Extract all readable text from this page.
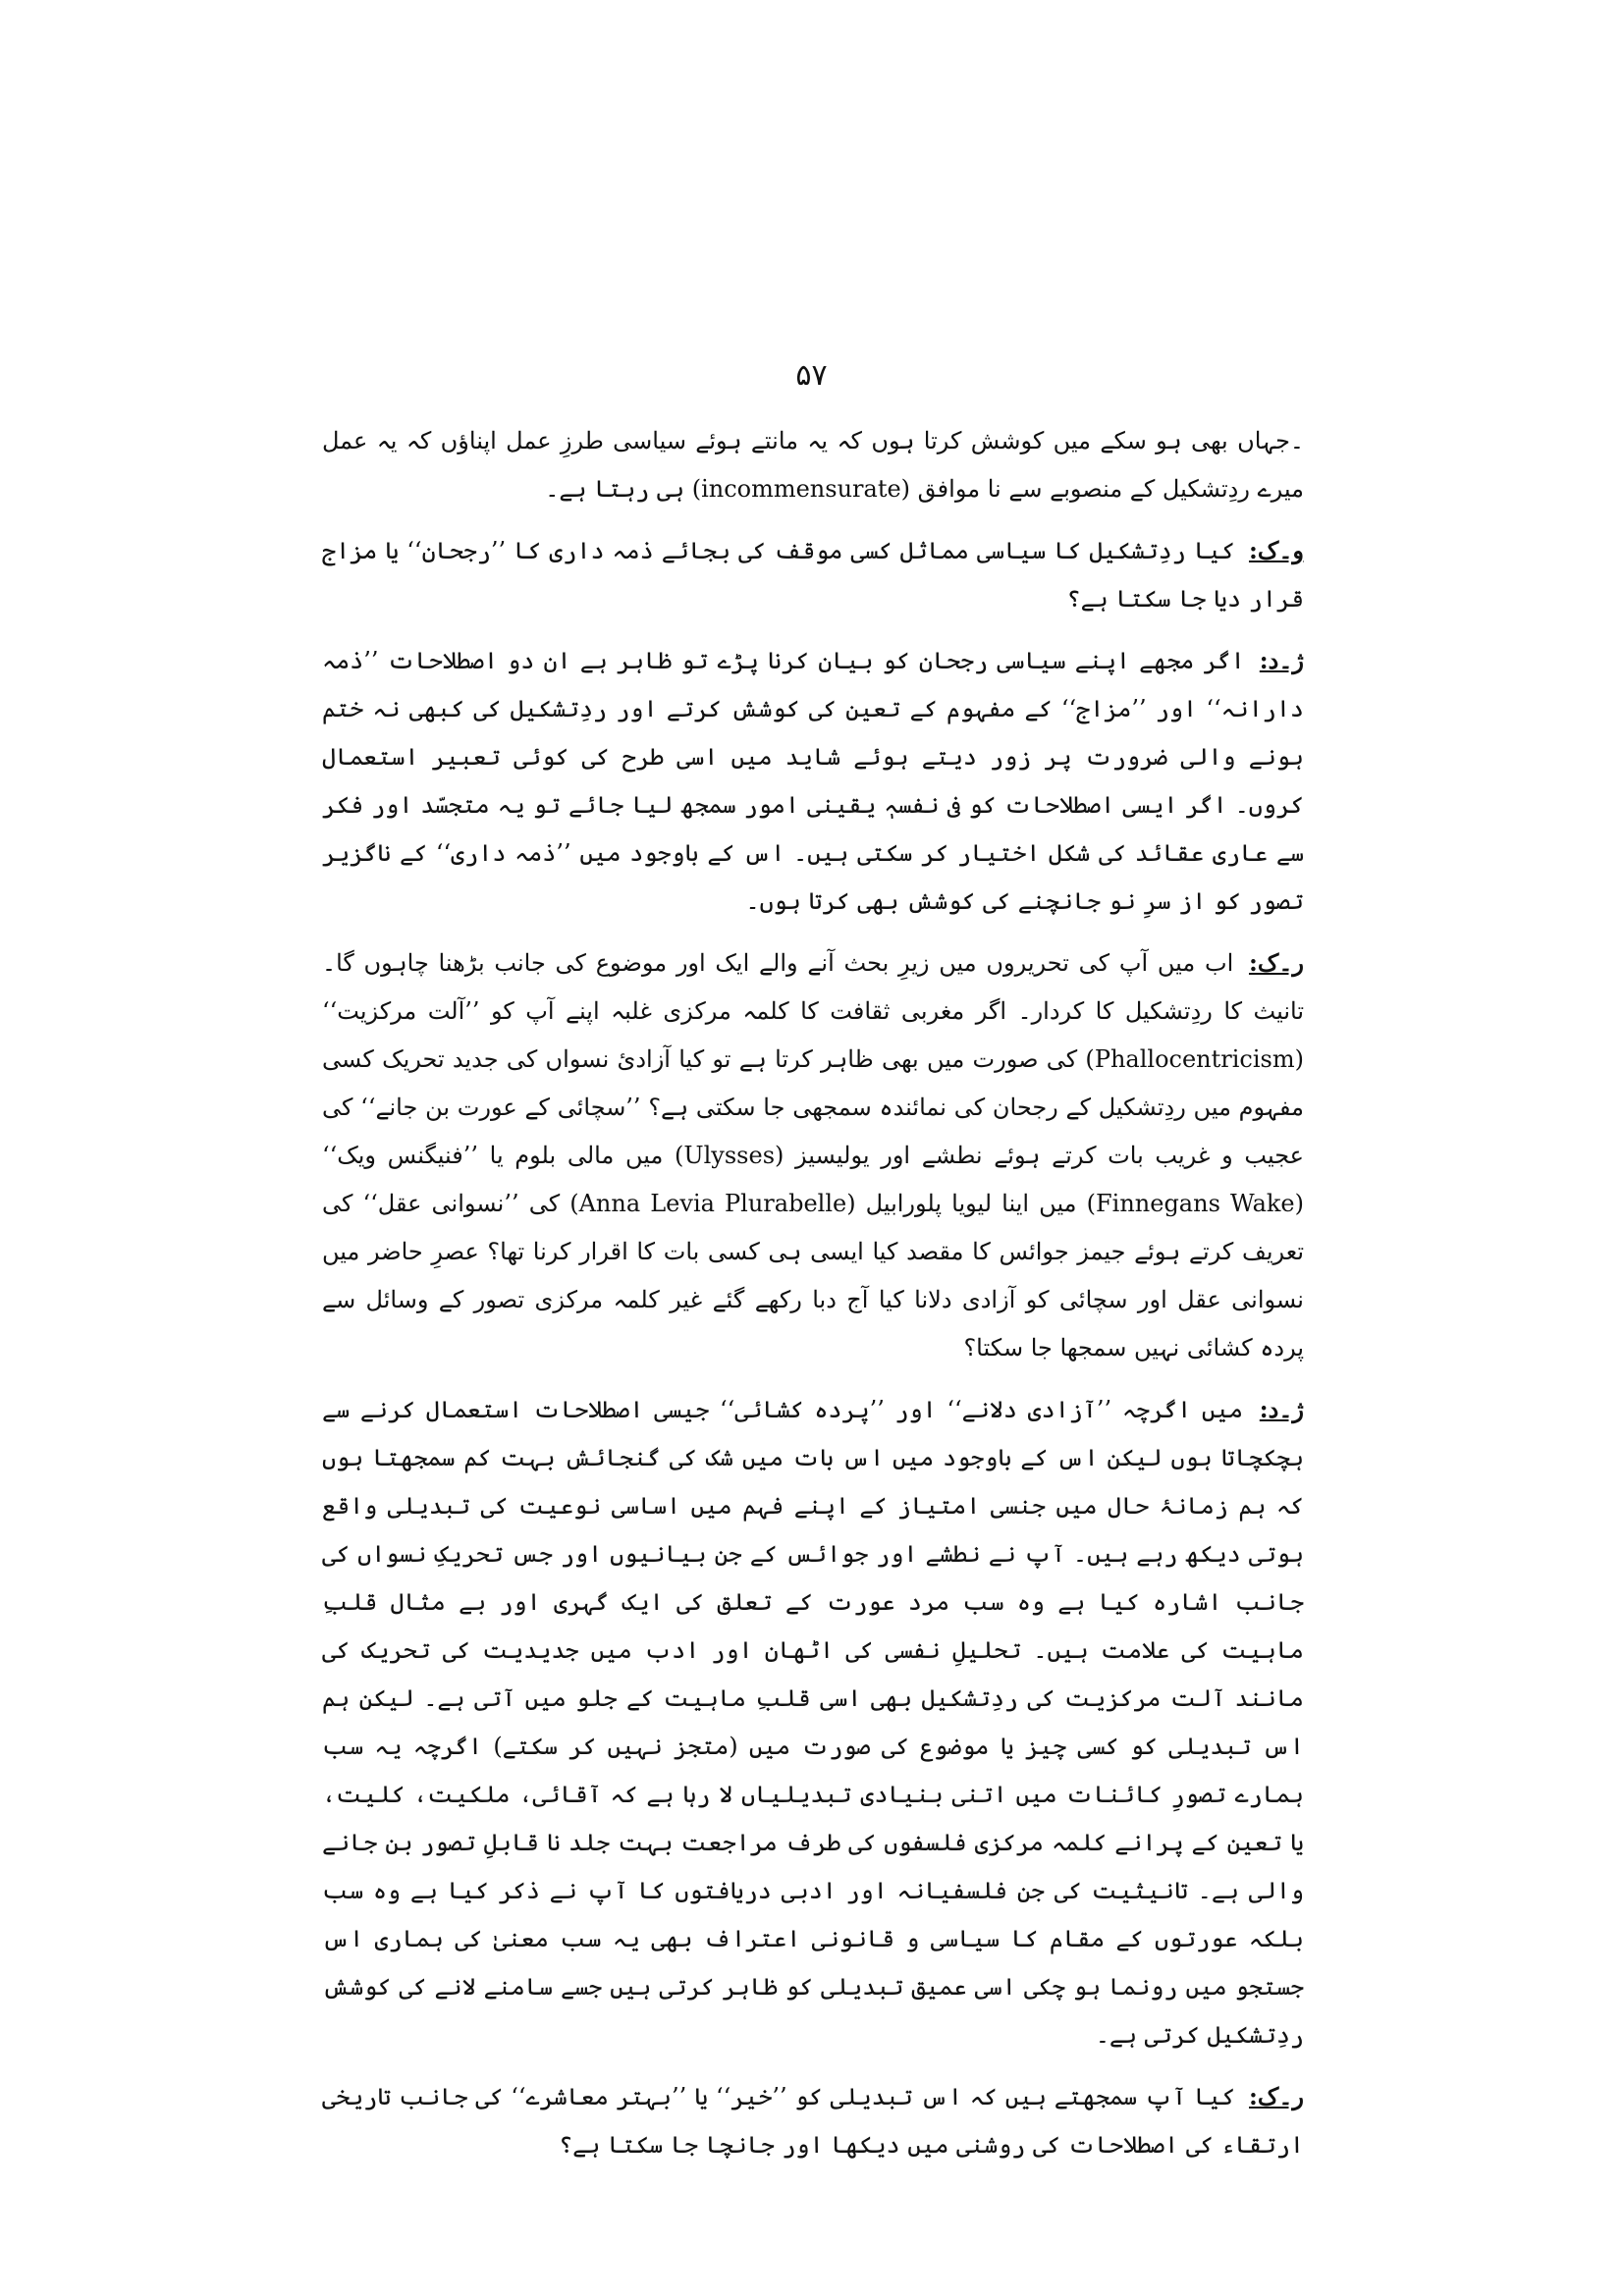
۵۷

۔جہاں بھی ہو سکے میں کوشش کرتا ہوں کہ یہ مانتے ہوئے سیاسی طرزِ عمل اپناؤں کہ یہ عمل میرے ردِتشکیل کے منصوبے سے نا موافق (incommensurate) ہی رہتا ہے۔

و۔ک: کیا ردِتشکیل کا سیاسی مماثل کسی موقف کی بجائے ذمہ داری کا ’’رجحان‘‘ یا مزاج قرار دیا جا سکتا ہے؟

ژ۔د: اگر مجھے اپنے سیاسی رجحان کو بیان کرنا پڑے تو ظاہر ہے ان دو اصطلاحات ’’ذمہ دارانہ‘‘ اور ’’مزاج‘‘ کے مفہوم کے تعین کی کوشش کرتے اور ردِتشکیل کی کبھی نہ ختم ہونے والی ضرورت پر زور دیتے ہوئے شاید میں اسی طرح کی کوئی تعبیر استعمال کروں۔ اگر ایسی اصطلاحات کو فی نفسہٖ یقینی امور سمجھ لیا جائے تو یہ متجسّد اور فکر سے عاری عقائد کی شکل اختیار کر سکتی ہیں۔ اس کے باوجود میں ’’ذمہ داری‘‘ کے ناگزیر تصور کو از سرِ نو جانچنے کی کوشش بھی کرتا ہوں۔

ر۔ک: اب میں آپ کی تحریروں میں زیرِ بحث آنے والے ایک اور موضوع کی جانب بڑھنا چاہوں گا۔ تانیث کا ردِتشکیل کا کردار۔ اگر مغربی ثقافت کا کلمہ مرکزی غلبہ اپنے آپ کو ’’آلت مرکزیت‘‘ (Phallocentricism) کی صورت میں بھی ظاہر کرتا ہے تو کیا آزادیٔ نسواں کی جدید تحریک کسی مفہوم میں ردِتشکیل کے رجحان کی نمائندہ سمجھی جا سکتی ہے؟ ’’سچائی کے عورت بن جانے‘‘ کی عجیب و غریب بات کرتے ہوئے نطشے اور یولیسیز (Ulysses) میں مالی بلوم یا ’’فنیگنس ویک‘‘ (Finnegans Wake) میں اینا لیویا پلورابیل (Anna Levia Plurabelle) کی ’’نسوانی عقل‘‘ کی تعریف کرتے ہوئے جیمز جوائس کا مقصد کیا ایسی ہی کسی بات کا اقرار کرنا تھا؟ عصرِ حاضر میں نسوانی عقل اور سچائی کو آزادی دلانا کیا آج دبا رکھے گئے غیر کلمہ مرکزی تصور کے وسائل سے پردہ کشائی نہیں سمجھا جا سکتا؟

ژ۔د: میں اگرچہ ’’آزادی دلانے‘‘ اور ’’پردہ کشائی‘‘ جیسی اصطلاحات استعمال کرنے سے ہچکچاتا ہوں لیکن اس کے باوجود میں اس بات میں شک کی گنجائش بہت کم سمجھتا ہوں کہ ہم زمانۂ حال میں جنسی امتیاز کے اپنے فہم میں اساسی نوعیت کی تبدیلی واقع ہوتی دیکھ رہے ہیں۔ آپ نے نطشے اور جوائس کے جن بیانیوں اور جس تحریکِ نسواں کی جانب اشارہ کیا ہے وہ سب مرد عورت کے تعلق کی ایک گہری اور بے مثال قلبِ ماہیت کی علامت ہیں۔ تحلیلِ نفسی کی اٹھان اور ادب میں جدیدیت کی تحریک کی مانند آلت مرکزیت کی ردِتشکیل بھی اسی قلبِ ماہیت کے جلو میں آتی ہے۔ لیکن ہم اس تبدیلی کو کسی چیز یا موضوع کی صورت میں (متجز نہیں کر سکتے) اگرچہ یہ سب ہمارے تصورِ کائنات میں اتنی بنیادی تبدیلیاں لا رہا ہے کہ آقائی، ملکیت، کلیت، یا تعین کے پرانے کلمہ مرکزی فلسفوں کی طرف مراجعت بہت جلد نا قابلِ تصور بن جانے والی ہے۔ تانیثیت کی جن فلسفیانہ اور ادبی دریافتوں کا آپ نے ذکر کیا ہے وہ سب بلکہ عورتوں کے مقام کا سیاسی و قانونی اعتراف بھی یہ سب معنیٰ کی ہماری اس جستجو میں رونما ہو چکی اسی عمیق تبدیلی کو ظاہر کرتی ہیں جسے سامنے لانے کی کوشش ردِتشکیل کرتی ہے۔

ر۔ک: کیا آپ سمجھتے ہیں کہ اس تبدیلی کو ’’خیر‘‘ یا ’’بہتر معاشرے‘‘ کی جانب تاریخی ارتقاء کی اصطلاحات کی روشنی میں دیکھا اور جانچا جا سکتا ہے؟
